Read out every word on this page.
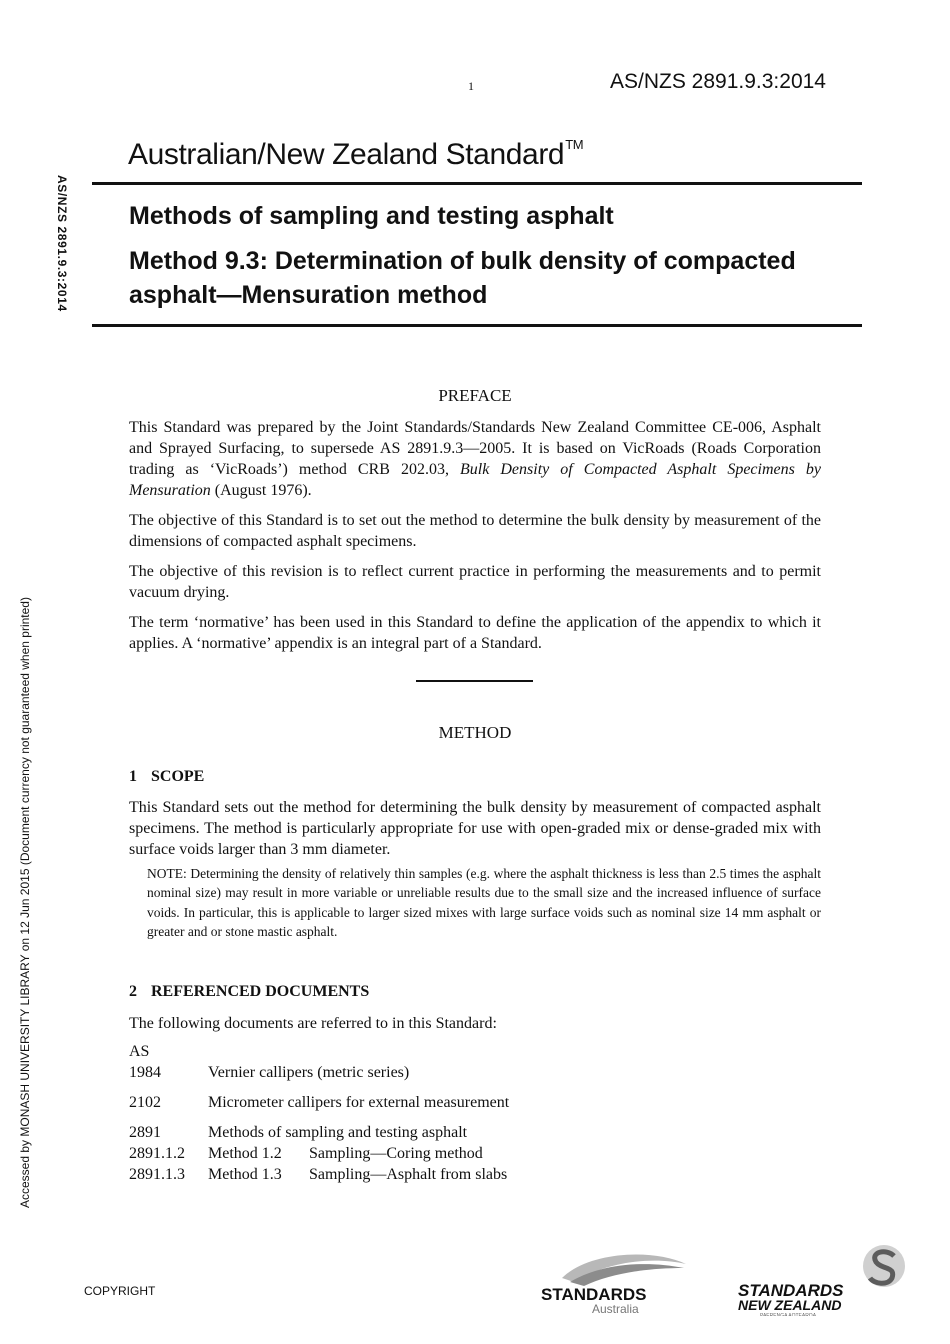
1	AS/NZS 2891.9.3:2014
Australian/New Zealand Standard™
Methods of sampling and testing asphalt
Method 9.3: Determination of bulk density of compacted asphalt—Mensuration method
AS/NZS 2891.9.3:2014
Accessed by MONASH UNIVERSITY LIBRARY on 12 Jun 2015 (Document currency not guaranteed when printed)
PREFACE

This Standard was prepared by the Joint Standards/Standards New Zealand Committee CE-006, Asphalt and Sprayed Surfacing, to supersede AS 2891.9.3—2005. It is based on VicRoads (Roads Corporation trading as ‘VicRoads’) method CRB 202.03, Bulk Density of Compacted Asphalt Specimens by Mensuration (August 1976).

The objective of this Standard is to set out the method to determine the bulk density by measurement of the dimensions of compacted asphalt specimens.

The objective of this revision is to reflect current practice in performing the measurements and to permit vacuum drying.

The term ‘normative’ has been used in this Standard to define the application of the appendix to which it applies. A ‘normative’ appendix is an integral part of a Standard.

METHOD
1 SCOPE
This Standard sets out the method for determining the bulk density by measurement of compacted asphalt specimens. The method is particularly appropriate for use with open-graded mix or dense-graded mix with surface voids larger than 3 mm diameter.
NOTE: Determining the density of relatively thin samples (e.g. where the asphalt thickness is less than 2.5 times the asphalt nominal size) may result in more variable or unreliable results due to the small size and the increased influence of surface voids. In particular, this is applicable to larger sized mixes with large surface voids such as nominal size 14 mm asphalt or greater and or stone mastic asphalt.
2 REFERENCED DOCUMENTS
The following documents are referred to in this Standard:
AS
1984	Vernier callipers (metric series)
2102	Micrometer callipers for external measurement
2891	Methods of sampling and testing asphalt
2891.1.2 Method 1.2 Sampling—Coring method
2891.1.3 Method 1.3 Sampling—Asphalt from slabs
COPYRIGHT	STANDARDS
Australia
STANDARDS
NEW ZEALAND
PAERENGA AOTEAROA
